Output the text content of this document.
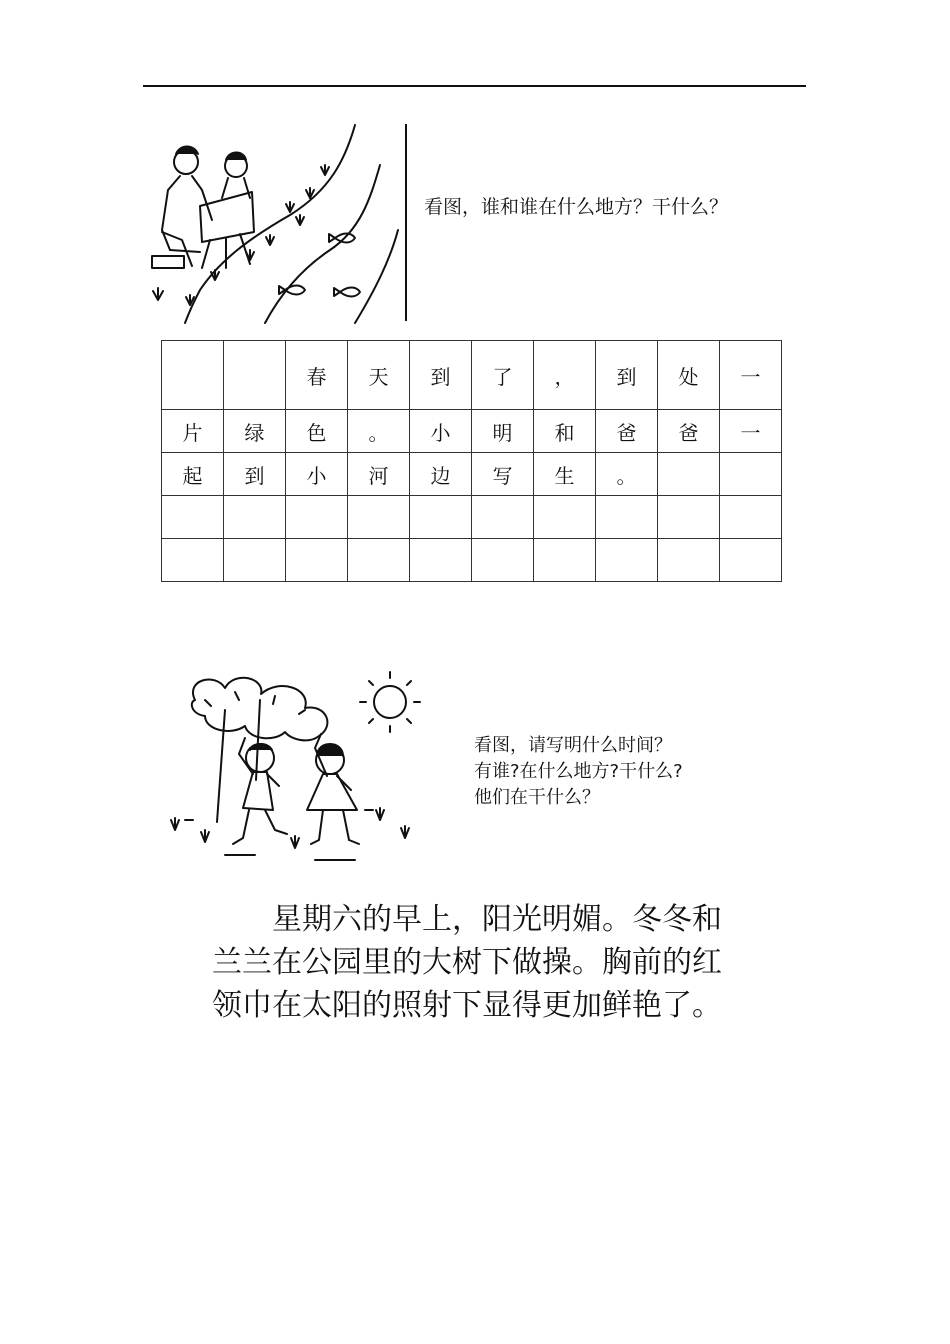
看图，谁和谁在什么地方？干什么？
		春	天	到	了	，	到	处	一
片	绿	色	。	小	明	和	爸	爸	一
起	到	小	河	边	写	生	。		

看图，请写明什么时间？
有谁?在什么地方?干什么?
他们在干什么？

星期六的早上，阳光明媚。冬冬和兰兰在公园里的大树下做操。胸前的红领巾在太阳的照射下显得更加鲜艳了。
